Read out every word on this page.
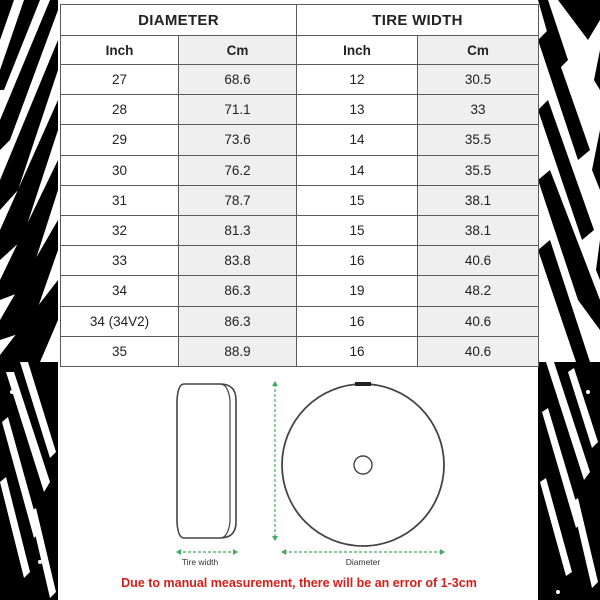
DIAMETER		TIRE WIDTH	
Inch	Cm	Inch	Cm
27	68.6	12	30.5
28	71.1	13	33
29	73.6	14	35.5
30	76.2	14	35.5
31	78.7	15	38.1
32	81.3	15	38.1
33	83.8	16	40.6
34	86.3	19	48.2
34 (34V2)	86.3	16	40.6
35	88.9	16	40.6
Tire width	Diameter
Due to manual measurement, there will be an error of 1-3cm
